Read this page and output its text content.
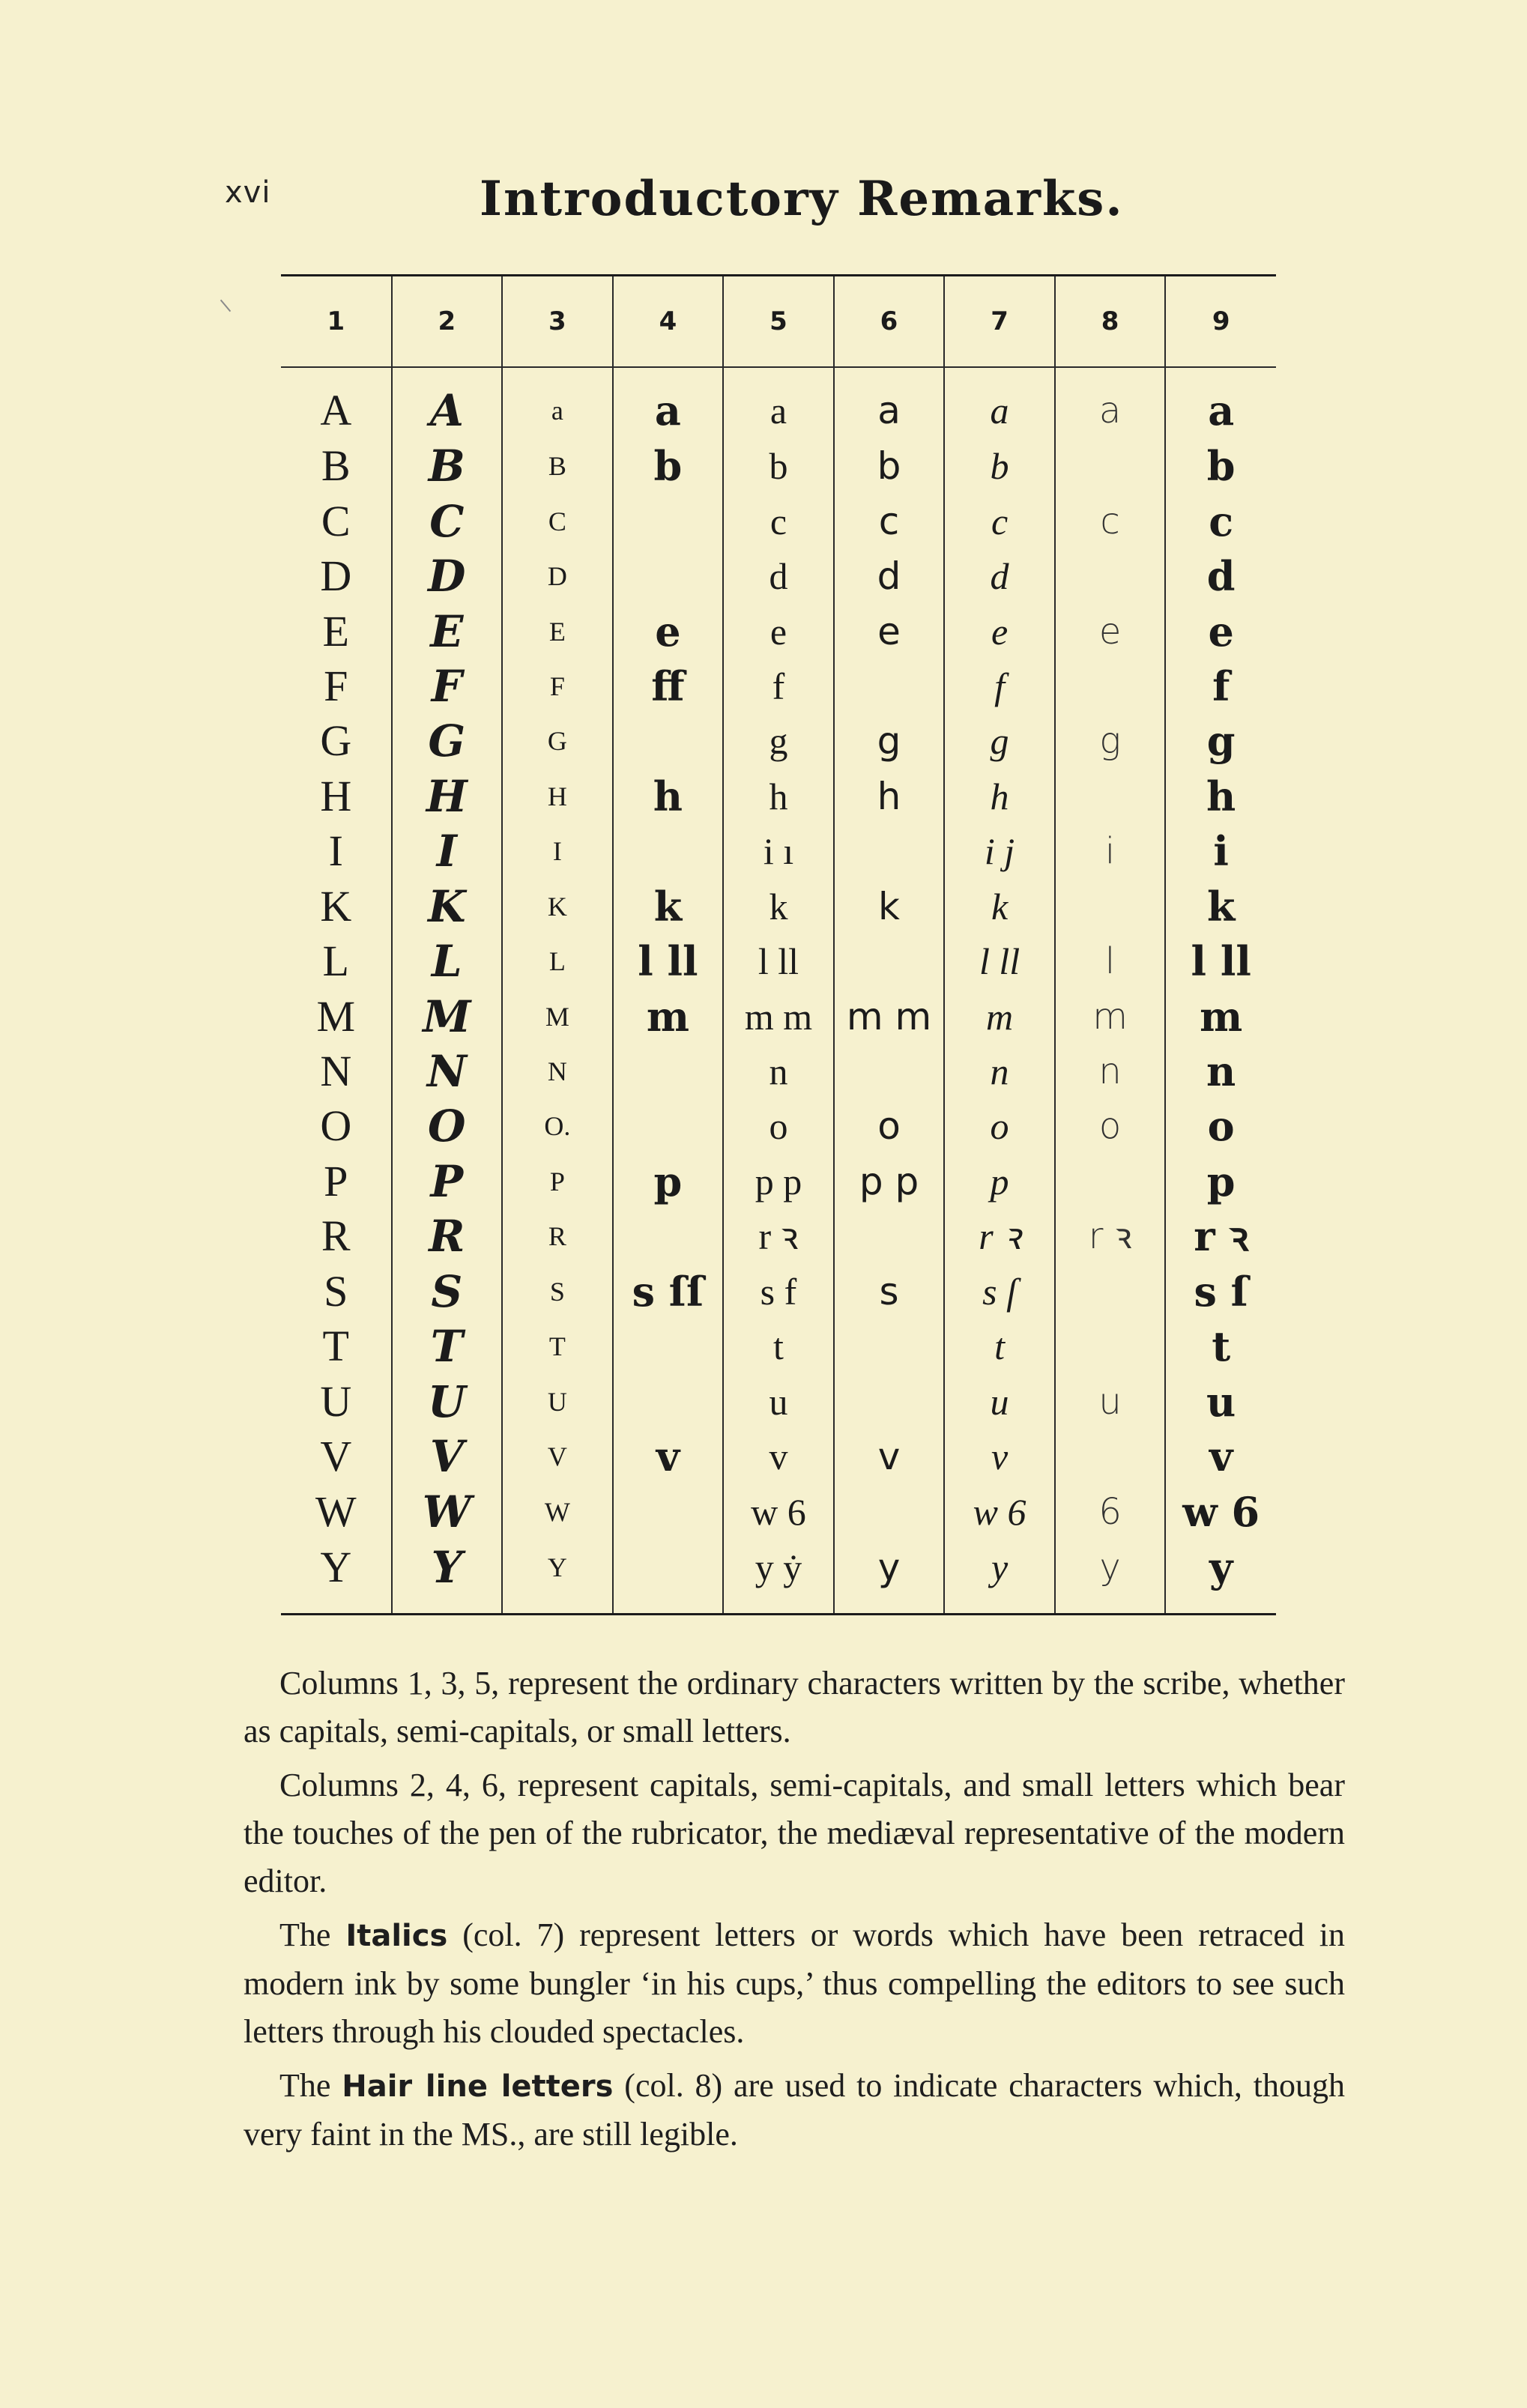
xvi	Introductory Remarks.
1	2	3	4	5	6	7	8	9
A	A	a	a	a	a	a	a	a
B	B	B	b	b	b	b		b
C	C	C		c	c	c	c	c
D	D	D		d	d	d		d
E	E	E	e	e	e	e	e	e
F	F	F	ff	f		f		f
G	G	G		g	g	g	g	g
H	H	H	h	h	h	h		h
I	I	I		i ı		i j	i	i
K	K	K	k	k	k	k		k
L	L	L	l ll	l ll		l ll	l	l ll
M	M	M	m	m m	m m	m	m	m
N	N	N		n		n	n	n
O	O	O.		o	o	o	o	o
P	P	P	p	p p	p p	p		p
R	R	R		r ꝛ		r ꝛ	r ꝛ	r ꝛ
S	S	S	s ſſ	s f	s	s ſ		s ſ
T	T	T		t		t		t
U	U	U		u		u	u	u
V	V	V	v	v	v	v		v
W	W	W		w 6		w 6	6	w 6
Y	Y	Y		y ẏ	y	y	y	y

Columns 1, 3, 5, represent the ordinary characters written by the scribe, whether as capitals, semi-capitals, or small letters.

Columns 2, 4, 6, represent capitals, semi-capitals, and small letters which bear the touches of the pen of the rubricator, the mediæval representative of the modern editor.

The Italics (col. 7) represent letters or words which have been retraced in modern ink by some bungler ‘in his cups,’ thus compelling the editors to see such letters through his clouded spectacles.

The Hair line letters (col. 8) are used to indicate characters which, though very faint in the MS., are still legible.
